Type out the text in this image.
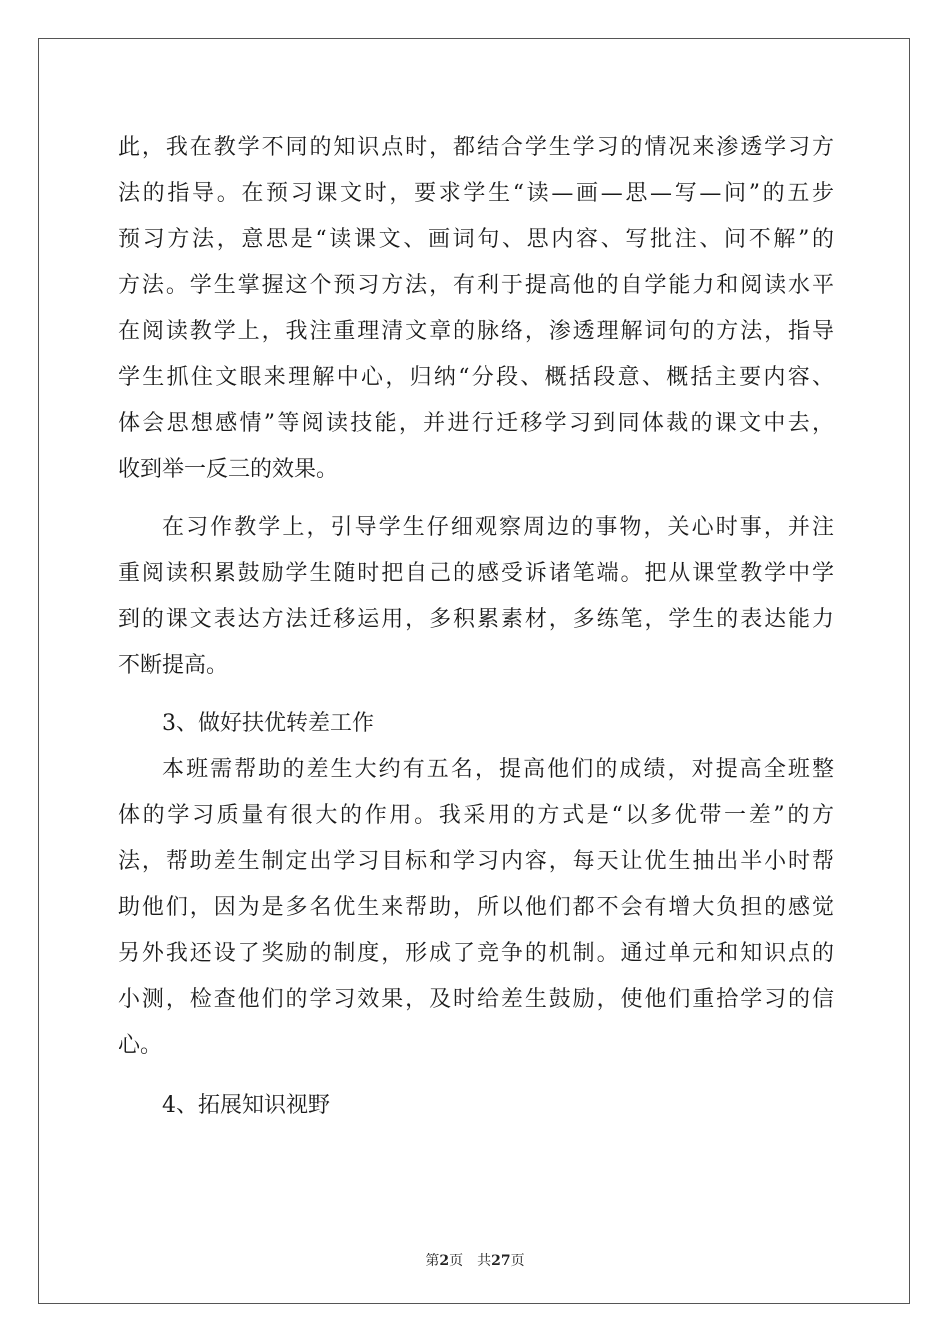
此，我在教学不同的知识点时，都结合学生学习的情况来渗透学习方
法的指导。在预习课文时，要求学生“读—画—思—写—问”的五步
预习方法，意思是“读课文、画词句、思内容、写批注、问不解”的
方法。学生掌握这个预习方法，有利于提高他的自学能力和阅读水平
在阅读教学上，我注重理清文章的脉络，渗透理解词句的方法，指导
学生抓住文眼来理解中心，归纳“分段、概括段意、概括主要内容、
体会思想感情”等阅读技能，并进行迁移学习到同体裁的课文中去，
收到举一反三的效果。
在习作教学上，引导学生仔细观察周边的事物，关心时事，并注
重阅读积累鼓励学生随时把自己的感受诉诸笔端。把从课堂教学中学
到的课文表达方法迁移运用，多积累素材，多练笔，学生的表达能力
不断提高。
3、做好扶优转差工作
本班需帮助的差生大约有五名，提高他们的成绩，对提高全班整
体的学习质量有很大的作用。我采用的方式是“以多优带一差”的方
法，帮助差生制定出学习目标和学习内容，每天让优生抽出半小时帮
助他们，因为是多名优生来帮助，所以他们都不会有增大负担的感觉
另外我还设了奖励的制度，形成了竞争的机制。通过单元和知识点的
小测，检查他们的学习效果，及时给差生鼓励，使他们重拾学习的信
心。
4、拓展知识视野
第2页 共27页
